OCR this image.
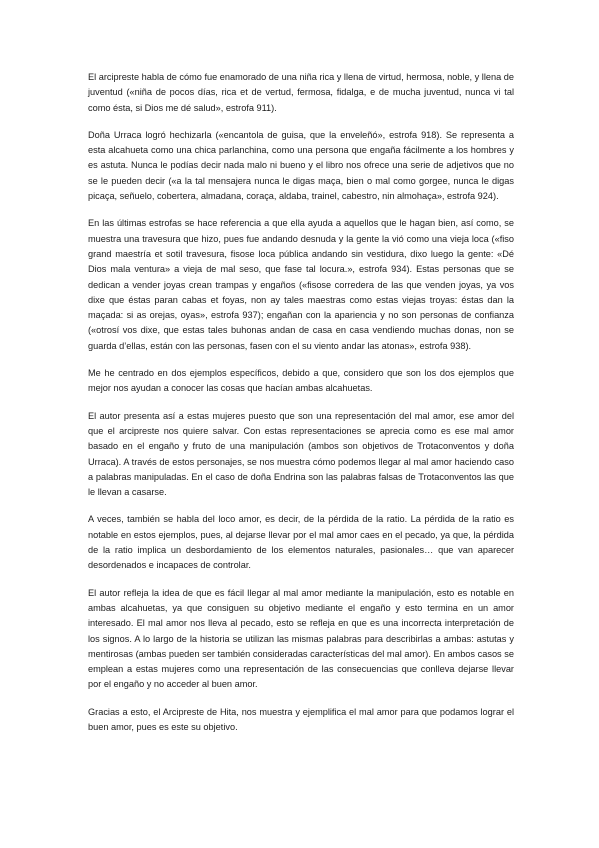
El arcipreste habla de cómo fue enamorado de una niña rica y llena de virtud, hermosa, noble, y llena de juventud («niña de pocos días, rica et de vertud, fermosa, fidalga, e de mucha juventud, nunca vi tal como ésta, si Dios me dé salud», estrofa 911).

Doña Urraca logró hechizarla («encantola de guisa, que la enveleñó», estrofa 918). Se representa a esta alcahueta como una chica parlanchina, como una persona que engaña fácilmente a los hombres y es astuta. Nunca le podías decir nada malo ni bueno y el libro nos ofrece una serie de adjetivos que no se le pueden decir («a la tal mensajera nunca le digas maça, bien o mal como gorgee, nunca le digas picaça, señuelo, cobertera, almadana, coraça, aldaba, trainel, cabestro, nin almohaça», estrofa 924).

En las últimas estrofas se hace referencia a que ella ayuda a aquellos que le hagan bien, así como, se muestra una travesura que hizo, pues fue andando desnuda y la gente la vió como una vieja loca («fiso grand maestría et sotil travesura, fisose loca pública andando sin vestidura, dixo luego la gente: «Dé Dios mala ventura» a vieja de mal seso, que fase tal locura.», estrofa 934). Estas personas que se dedican a vender joyas crean trampas y engaños («fisose corredera de las que venden joyas, ya vos dixe que éstas paran cabas et foyas, non ay tales maestras como estas viejas troyas: éstas dan la maçada: si as orejas, oyas», estrofa 937); engañan con la apariencia y no son personas de confianza («otrosí vos dixe, que estas tales buhonas andan de casa en casa vendiendo muchas donas, non se guarda d’ellas, están con las personas, fasen con el su viento andar las atonas», estrofa 938).

Me he centrado en dos ejemplos específicos, debido a que, considero que son los dos ejemplos que mejor nos ayudan a conocer las cosas que hacían ambas alcahuetas.

El autor presenta así a estas mujeres puesto que son una representación del mal amor, ese amor del que el arcipreste nos quiere salvar. Con estas representaciones se aprecia como es ese mal amor basado en el engaño y fruto de una manipulación (ambos son objetivos de Trotaconventos y doña Urraca). A través de estos personajes, se nos muestra cómo podemos llegar al mal amor haciendo caso a palabras manipuladas. En el caso de doña Endrina son las palabras falsas de Trotaconventos las que le llevan a casarse.

A veces, también se habla del loco amor, es decir, de la pérdida de la ratio. La pérdida de la ratio es notable en estos ejemplos, pues, al dejarse llevar por el mal amor caes en el pecado, ya que, la pérdida de la ratio implica un desbordamiento de los elementos naturales, pasionales… que van aparecer desordenados e incapaces de controlar.

El autor refleja la idea de que es fácil llegar al mal amor mediante la manipulación, esto es notable en ambas alcahuetas, ya que consiguen su objetivo mediante el engaño y esto termina en un amor interesado. El mal amor nos lleva al pecado, esto se refleja en que es una incorrecta interpretación de los signos. A lo largo de la historia se utilizan las mismas palabras para describirlas a ambas: astutas y mentirosas (ambas pueden ser también consideradas características del mal amor). En ambos casos se emplean a estas mujeres como una representación de las consecuencias que conlleva dejarse llevar por el engaño y no acceder al buen amor.

Gracias a esto, el Arcipreste de Hita, nos muestra y ejemplifica el mal amor para que podamos lograr el buen amor, pues es este su objetivo.
